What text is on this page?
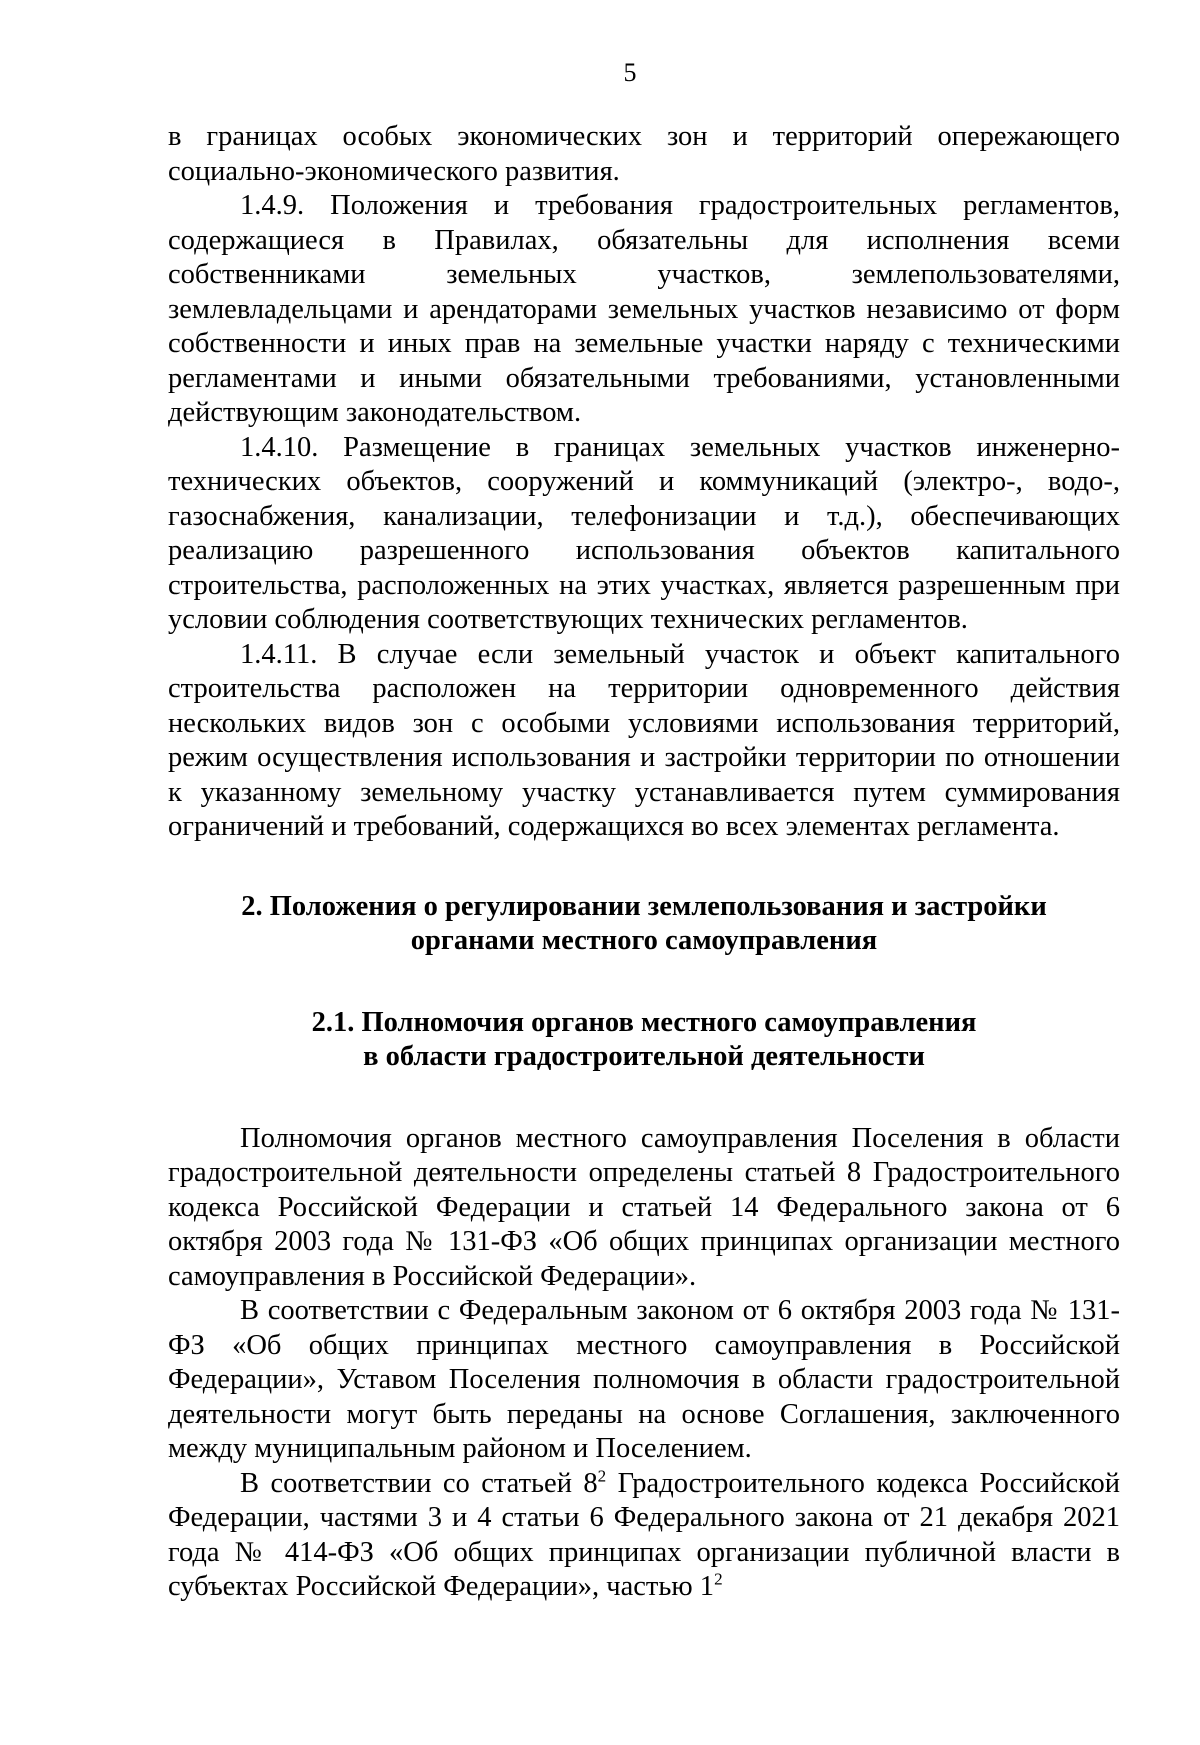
5

в границах особых экономических зон и территорий опережающего социально-экономического развития.

1.4.9. Положения и требования градостроительных регламентов, содержащиеся в Правилах, обязательны для исполнения всеми собственниками земельных участков, землепользователями, землевладельцами и арендаторами земельных участков независимо от форм собственности и иных прав на земельные участки наряду с техническими регламентами и иными обязательными требованиями, установленными действующим законодательством.

1.4.10. Размещение в границах земельных участков инженерно-технических объектов, сооружений и коммуникаций (электро-, водо-, газоснабжения, канализации, телефонизации и т.д.), обеспечивающих реализацию разрешенного использования объектов капитального строительства, расположенных на этих участках, является разрешенным при условии соблюдения соответствующих технических регламентов.

1.4.11. В случае если земельный участок и объект капитального строительства расположен на территории одновременного действия нескольких видов зон с особыми условиями использования территорий, режим осуществления использования и застройки территории по отношении к указанному земельному участку устанавливается путем суммирования ограничений и требований, содержащихся во всех элементах регламента.

2. Положения о регулировании землепользования и застройки
органами местного самоуправления
2.1. Полномочия органов местного самоуправления
в области градостроительной деятельности

Полномочия органов местного самоуправления Поселения в области градостроительной деятельности определены статьей 8 Градостроительного кодекса Российской Федерации и статьей 14 Федерального закона от 6 октября 2003 года № 131-ФЗ «Об общих принципах организации местного самоуправления в Российской Федерации».

В соответствии с Федеральным законом от 6 октября 2003 года № 131-ФЗ «Об общих принципах местного самоуправления в Российской Федерации», Уставом Поселения полномочия в области градостроительной деятельности могут быть переданы на основе Соглашения, заключенного между муниципальным районом и Поселением.

В соответствии со статьей $8^2$ Градостроительного кодекса Российской Федерации, частями 3 и 4 статьи 6 Федерального закона от 21 декабря 2021 года № 414-ФЗ «Об общих принципах организации публичной власти в субъектах Российской Федерации», частью $1^2$
